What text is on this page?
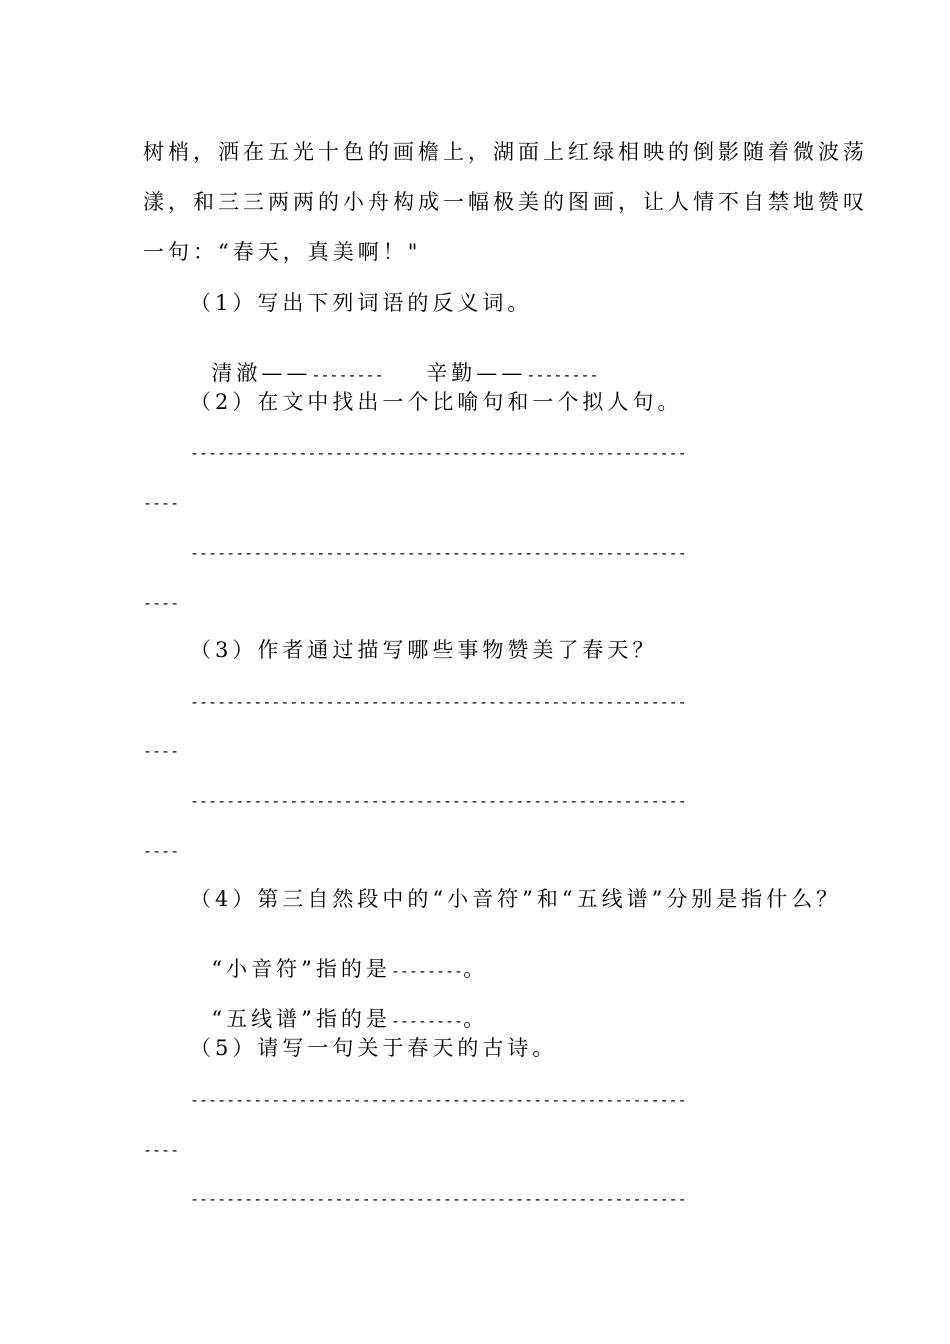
树梢，洒在五光十色的画檐上，湖面上红绿相映的倒影随着微波荡
漾，和三三两两的小舟构成一幅极美的图画，让人情不自禁地赞叹
一句：“春天，真美啊！"
（1）写出下列词语的反义词。

清澈——-------- 辛勤——--------

（2）在文中找出一个比喻句和一个拟人句。
-------------------------------------------------------
----
-------------------------------------------------------
----
（3）作者通过描写哪些事物赞美了春天？
-------------------------------------------------------
----
-------------------------------------------------------
----
（4）第三自然段中的“小音符”和“五线谱”分别是指什么？

“小音符”指的是--------。

“五线谱”指的是--------。

（5）请写一句关于春天的古诗。
-------------------------------------------------------
----
-------------------------------------------------------
